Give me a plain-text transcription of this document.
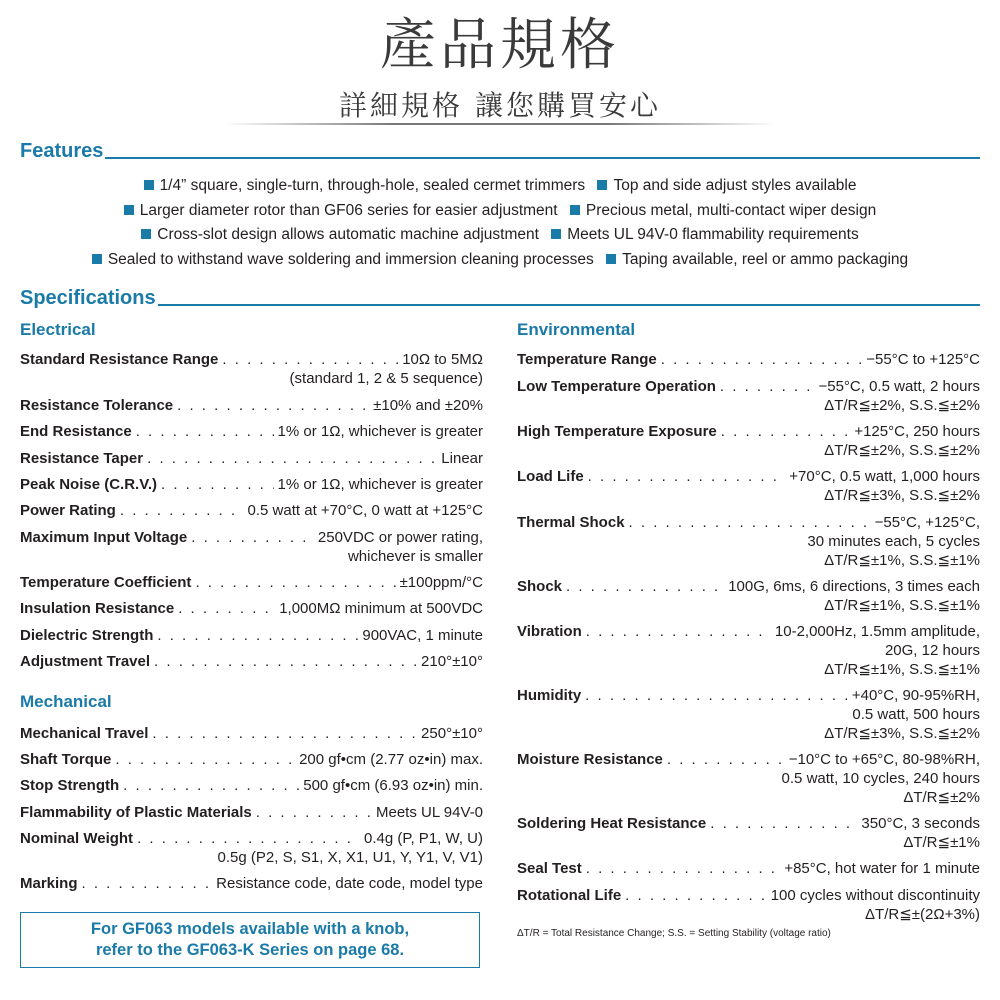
產品規格
詳細規格 讓您購買安心
Features
1/4” square, single-turn, through-hole, sealed cermet trimmers Top and side adjust styles available
Larger diameter rotor than GF06 series for easier adjustment Precious metal, multi-contact wiper design
Cross-slot design allows automatic machine adjustment Meets UL 94V-0 flammability requirements
Sealed to withstand wave soldering and immersion cleaning processes Taping available, reel or ammo packaging
Specifications
Electrical	Environmental
Mechanical
Standard Resistance Range . . .	10Ω to 5MΩ
(standard 1, 2 & 5 sequence)
Resistance Tolerance . . .	±10% and ±20%
End Resistance . . .	1% or 1Ω, whichever is greater
Resistance Taper . . .	Linear
Peak Noise (C.R.V.) . . .	1% or 1Ω, whichever is greater
Power Rating . . .	0.5 watt at +70°C, 0 watt at +125°C
Maximum Input Voltage . . .	250VDC or power rating,
whichever is smaller
Temperature Coefficient . . .	±100ppm/°C
Insulation Resistance . . .	1,000MΩ minimum at 500VDC
Dielectric Strength . . .	900VAC, 1 minute
Adjustment Travel . . .	210°±10°
Mechanical Travel . . .	250°±10°
Shaft Torque . . .	200 gf•cm (2.77 oz•in) max.
Stop Strength . . .	500 gf•cm (6.93 oz•in) min.
Flammability of Plastic Materials . . .	Meets UL 94V-0
Nominal Weight . . .	0.4g (P, P1, W, U)
0.5g (P2, S, S1, X, X1, U1, Y, Y1, V, V1)
Marking . . .	Resistance code, date code, model type
For GF063 models available with a knob,
refer to the GF063-K Series on page 68.
Temperature Range . . .	−55°C to +125°C
Low Temperature Operation . . .	−55°C, 0.5 watt, 2 hours
ΔT/R≦±2%, S.S.≦±2%
High Temperature Exposure . . .	+125°C, 250 hours
ΔT/R≦±2%, S.S.≦±2%
Load Life . . .	+70°C, 0.5 watt, 1,000 hours
ΔT/R≦±3%, S.S.≦±2%
Thermal Shock . . .	−55°C, +125°C,
30 minutes each, 5 cycles
ΔT/R≦±1%, S.S.≦±1%
Shock . . .	100G, 6ms, 6 directions, 3 times each
ΔT/R≦±1%, S.S.≦±1%
Vibration . . .	10-2,000Hz, 1.5mm amplitude,
20G, 12 hours
ΔT/R≦±1%, S.S.≦±1%
Humidity . . .	+40°C, 90-95%RH,
0.5 watt, 500 hours
ΔT/R≦±3%, S.S.≦±2%
Moisture Resistance . . .	−10°C to +65°C, 80-98%RH,
0.5 watt, 10 cycles, 240 hours
ΔT/R≦±2%
Soldering Heat Resistance . . .	350°C, 3 seconds
ΔT/R≦±1%
Seal Test . . .	+85°C, hot water for 1 minute
Rotational Life . . .	100 cycles without discontinuity
ΔT/R≦±(2Ω+3%)
ΔT/R = Total Resistance Change; S.S. = Setting Stability (voltage ratio)
